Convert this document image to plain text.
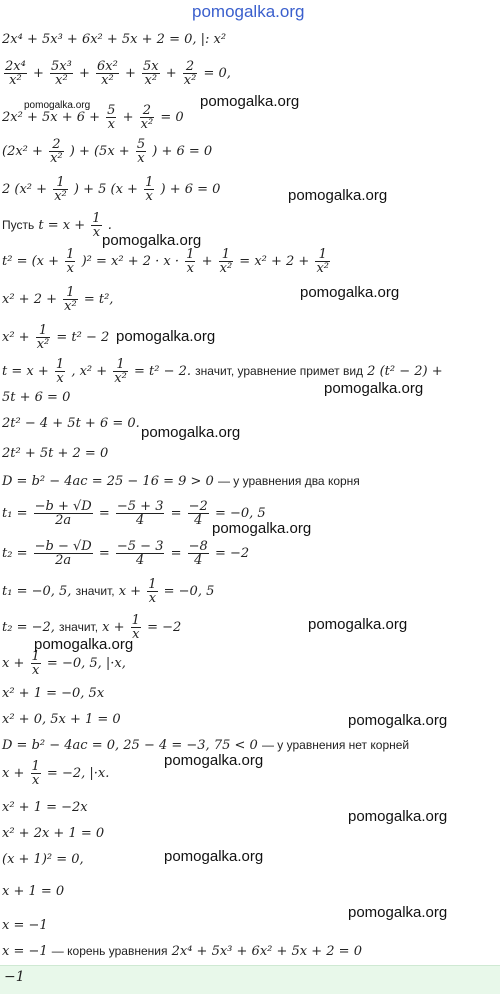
pomogalka.org
2x⁴ + 5x³ + 6x² + 5x + 2 = 0, |: x²
$\frac{\text{2x⁴}}{\text{x²}} + \frac{\text{5x³}}{\text{x²}} + \frac{\text{6x²}}{\text{x²}} + \frac{5x}{\text{x²}} + \frac{2}{\text{x²}} = 0$,
$2x^2 + 5x + 6 + \frac{5}{x} + \frac{2}{\text{x²}} = 0$
($2x^2 + \frac{2}{\text{x²}}$ ) + ($5x + \frac{5}{x}$ ) + 6 = 0
2 ($x^2 + \frac{1}{\text{x²}}$ ) + 5 ($x + \frac{1}{x}$ ) + 6 = 0
Пусть $t = x + \frac{1}{x}$ .
$t^2 = (x + \frac{1}{x} )^2 = x^2 + 2 \cdot x \cdot \frac{1}{x} + \frac{1}{\text{x²}} = x^2 + 2 + \frac{1}{\text{x²}}$
$x^2 + 2 + \frac{1}{\text{x²}} = t^2$,
$x^2 + \frac{1}{\text{x²}} = t^2 - 2$
$t = x + \frac{1}{x}$ , $x^2 + \frac{1}{\text{x²}} = t^2 - 2$. значит, уравнение примет вид 2 (t² − 2) +
5t + 6 = 0
2t² − 4 + 5t + 6 = 0.
2t² + 5t + 2 = 0
D = b² − 4ac = 25 − 16 = 9 > 0 — у уравнения два корня
$t_1 = \frac{-b + √D}{2a} = \frac{-5 + 3}{4} = \frac{-2}{4} = -0$, 5
$t_2 = \frac{-b - √D}{2a} = \frac{-5 - 3}{4} = \frac{-8}{4} = -2$
t₁ = −0, 5, значит, $x + \frac{1}{x} = -0$, 5
t₂ = −2, значит, $x + \frac{1}{x} = -2$
$x + \frac{1}{x} = -0$, 5, |·x,
x² + 1 = −0, 5x
x² + 0, 5x + 1 = 0
D = b² − 4ac = 0, 25 − 4 = −3, 75 < 0 — у уравнения нет корней
$x + \frac{1}{x} = -2$, |·x.
x² + 1 = −2x
x² + 2x + 1 = 0
(x + 1)² = 0,
x + 1 = 0
x = −1
x = −1 — корень уравнения 2x⁴ + 5x³ + 6x² + 5x + 2 = 0
pomogalka.org	pomogalka.org
pomogalka.org
pomogalka.org
pomogalka.org
pomogalka.org
pomogalka.org
pomogalka.org
pomogalka.org
pomogalka.org
pomogalka.org
pomogalka.org
pomogalka.org
pomogalka.org
pomogalka.org
pomogalka.org
−1
